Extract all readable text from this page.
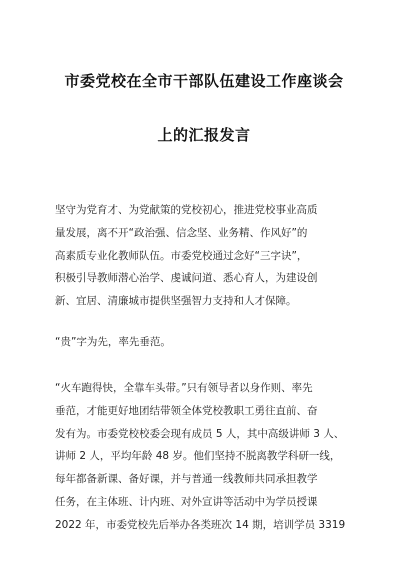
市委党校在全市干部队伍建设工作座谈会
上的汇报发言
坚守为党育才、为党献策的党校初心，推进党校事业高质
量发展，离不开“政治强、信念坚、业务精、作风好”的
高素质专业化教师队伍。市委党校通过念好“三字诀”，
积极引导教师潜心治学、虔诚问道、悉心育人，为建设创
新、宜居、清廉城市提供坚强智力支持和人才保障。
“贵”字为先，率先垂范。
“火车跑得快，全靠车头带。”只有领导者以身作则、率先
垂范，才能更好地团结带领全体党校教职工勇往直前、奋
发有为。市委党校校委会现有成员 5 人，其中高级讲师 3 人、
讲师 2 人，平均年龄 48 岁。他们坚持不脱离教学科研一线，
每年都备新课、备好课，并与普通一线教师共同承担教学
任务，在主体班、计内班、对外宣讲等活动中为学员授课
2022 年，市委党校先后举办各类班次 14 期，培训学员 3319
